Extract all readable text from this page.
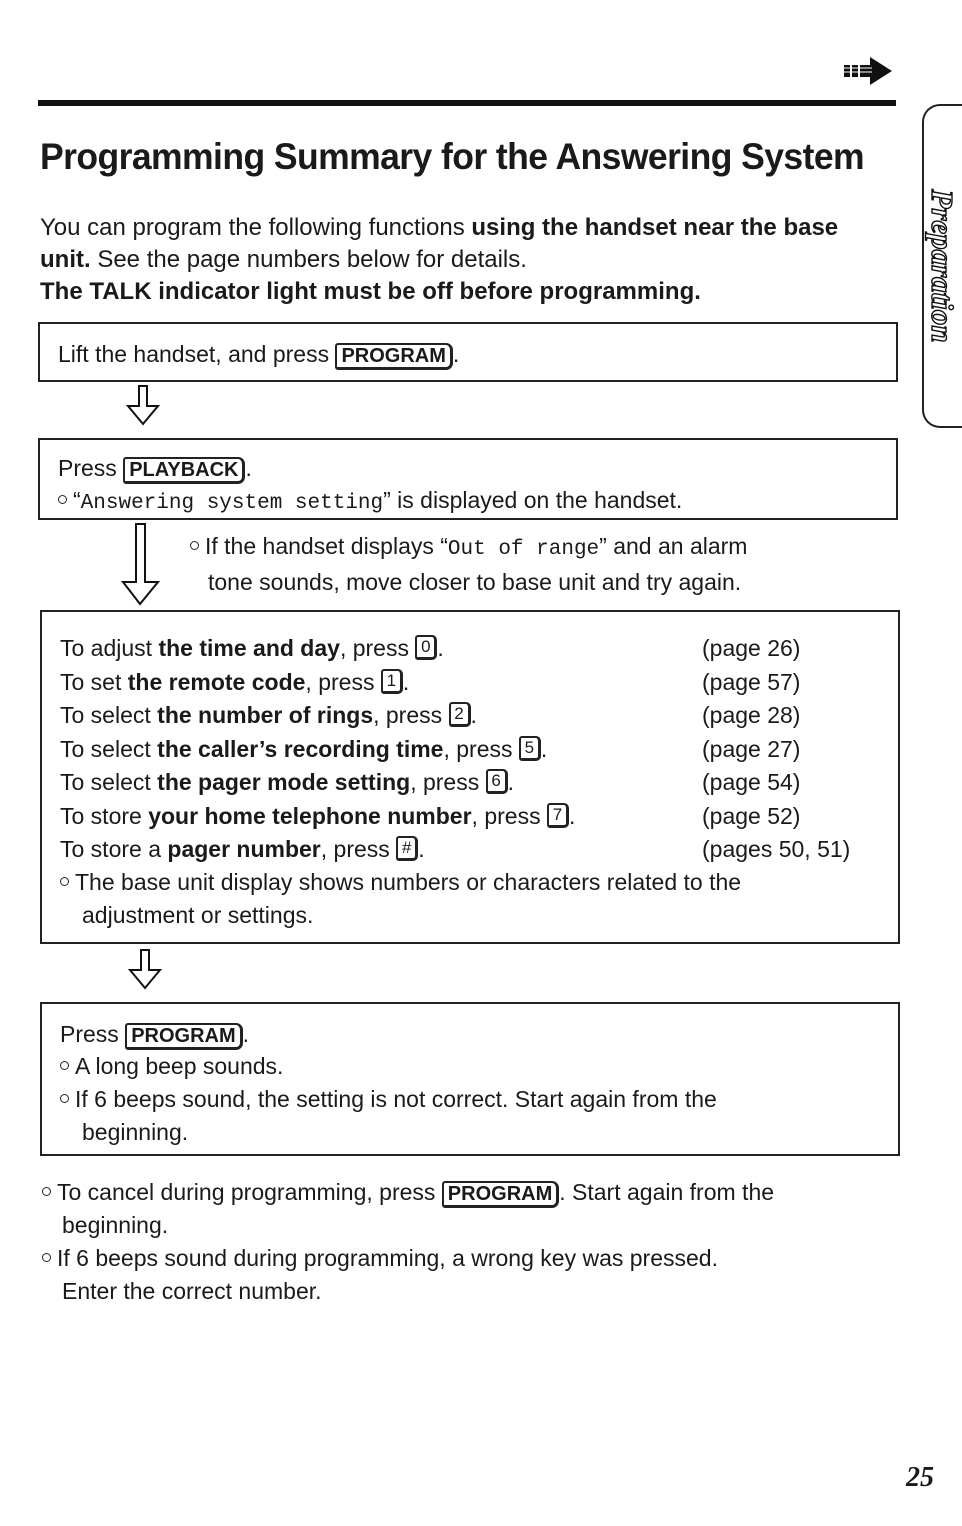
Programming Summary for the Answering System
You can program the following functions using the handset near the base unit. See the page numbers below for details.
The TALK indicator light must be off before programming.
Lift the handset, and press PROGRAM .
Press PLAYBACK .
“Answering system setting” is displayed on the handset.
If the handset displays “Out of range” and an alarm
tone sounds, move closer to base unit and try again.
To adjust the time and day, press 0 .	(page 26)
To set the remote code, press 1 .	(page 57)
To select the number of rings, press 2 .	(page 28)
To select the caller’s recording time, press 5 .	(page 27)
To select the pager mode setting, press 6 .	(page 54)
To store your home telephone number, press 7 .	(page 52)
To store a pager number, press # .	(pages 50, 51)
The base unit display shows numbers or characters related to the
adjustment or settings.
Press PROGRAM .
A long beep sounds.
If 6 beeps sound, the setting is not correct. Start again from the
beginning.
To cancel during programming, press PROGRAM . Start again from the
beginning.
If 6 beeps sound during programming, a wrong key was pressed.
Enter the correct number.
Preparation
25
